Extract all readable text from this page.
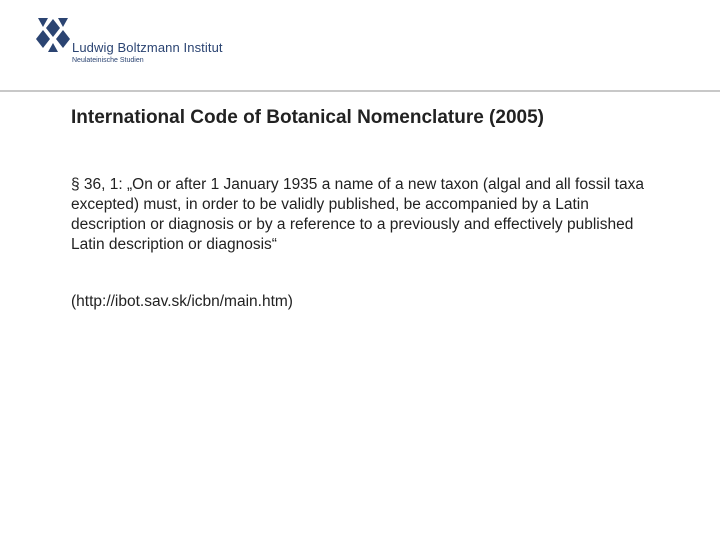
Ludwig Boltzmann Institut
Neulateinische Studien
International Code of Botanical Nomenclature (2005)

§ 36, 1: „On or after 1 January 1935 a name of a new taxon (algal and all fossil taxa excepted) must, in order to be validly published, be accompanied by a Latin description or diagnosis or by a reference to a previously and effectively published Latin description or diagnosis“

(http://ibot.sav.sk/icbn/main.htm)
